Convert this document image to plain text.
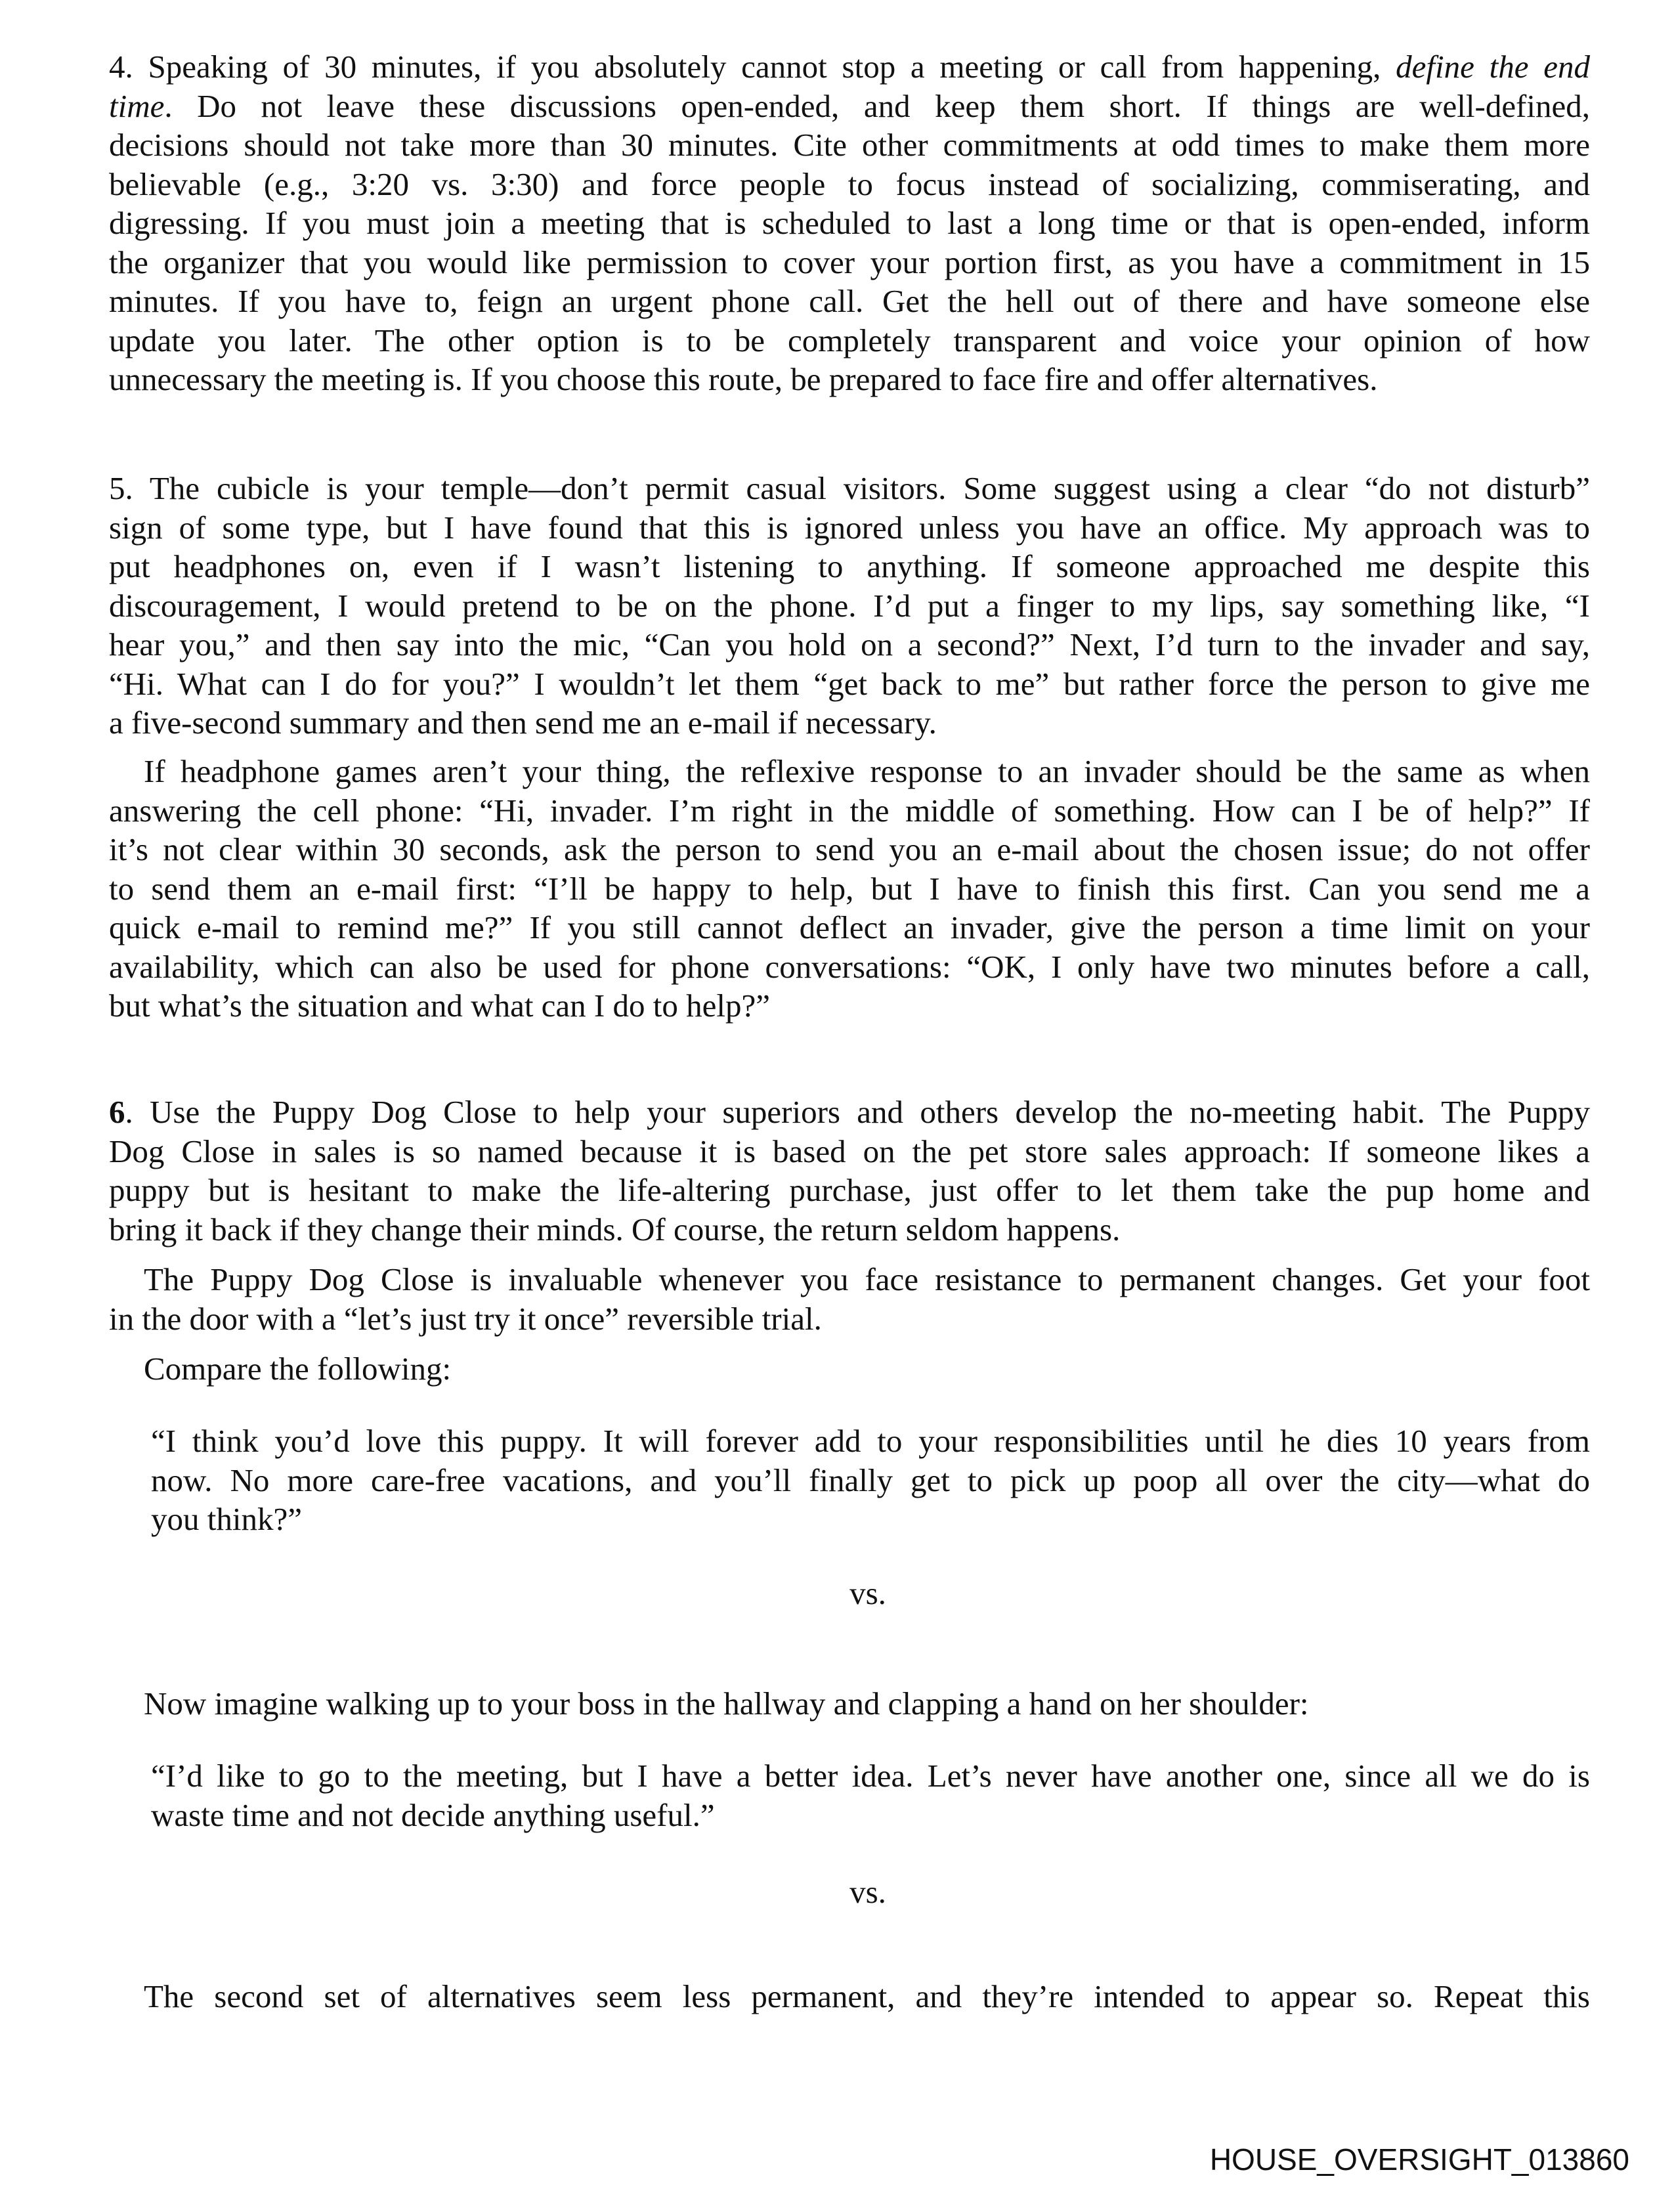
4. Speaking of 30 minutes, if you absolutely cannot stop a meeting or call from happening, define the end
time. Do not leave these discussions open-ended, and keep them short. If things are well-defined,
decisions should not take more than 30 minutes. Cite other commitments at odd times to make them more
believable (e.g., 3:20 vs. 3:30) and force people to focus instead of socializing, commiserating, and
digressing. If you must join a meeting that is scheduled to last a long time or that is open-ended, inform
the organizer that you would like permission to cover your portion first, as you have a commitment in 15
minutes. If you have to, feign an urgent phone call. Get the hell out of there and have someone else
update you later. The other option is to be completely transparent and voice your opinion of how
unnecessary the meeting is. If you choose this route, be prepared to face fire and offer alternatives.
5. The cubicle is your temple—don’t permit casual visitors. Some suggest using a clear “do not disturb”
sign of some type, but I have found that this is ignored unless you have an office. My approach was to
put headphones on, even if I wasn’t listening to anything. If someone approached me despite this
discouragement, I would pretend to be on the phone. I’d put a finger to my lips, say something like, “I
hear you,” and then say into the mic, “Can you hold on a second?” Next, I’d turn to the invader and say,
“Hi. What can I do for you?” I wouldn’t let them “get back to me” but rather force the person to give me
a five-second summary and then send me an e-mail if necessary.
If headphone games aren’t your thing, the reflexive response to an invader should be the same as when
answering the cell phone: “Hi, invader. I’m right in the middle of something. How can I be of help?” If
it’s not clear within 30 seconds, ask the person to send you an e-mail about the chosen issue; do not offer
to send them an e-mail first: “I’ll be happy to help, but I have to finish this first. Can you send me a
quick e-mail to remind me?” If you still cannot deflect an invader, give the person a time limit on your
availability, which can also be used for phone conversations: “OK, I only have two minutes before a call,
but what’s the situation and what can I do to help?”
6. Use the Puppy Dog Close to help your superiors and others develop the no-meeting habit. The Puppy
Dog Close in sales is so named because it is based on the pet store sales approach: If someone likes a
puppy but is hesitant to make the life-altering purchase, just offer to let them take the pup home and
bring it back if they change their minds. Of course, the return seldom happens.
The Puppy Dog Close is invaluable whenever you face resistance to permanent changes. Get your foot
in the door with a “let’s just try it once” reversible trial.
Compare the following:
“I think you’d love this puppy. It will forever add to your responsibilities until he dies 10 years from
now. No more care-free vacations, and you’ll finally get to pick up poop all over the city—what do
you think?”
vs.
Now imagine walking up to your boss in the hallway and clapping a hand on her shoulder:
“I’d like to go to the meeting, but I have a better idea. Let’s never have another one, since all we do is
waste time and not decide anything useful.”
vs.
The second set of alternatives seem less permanent, and they’re intended to appear so. Repeat this
HOUSE_OVERSIGHT_013860
